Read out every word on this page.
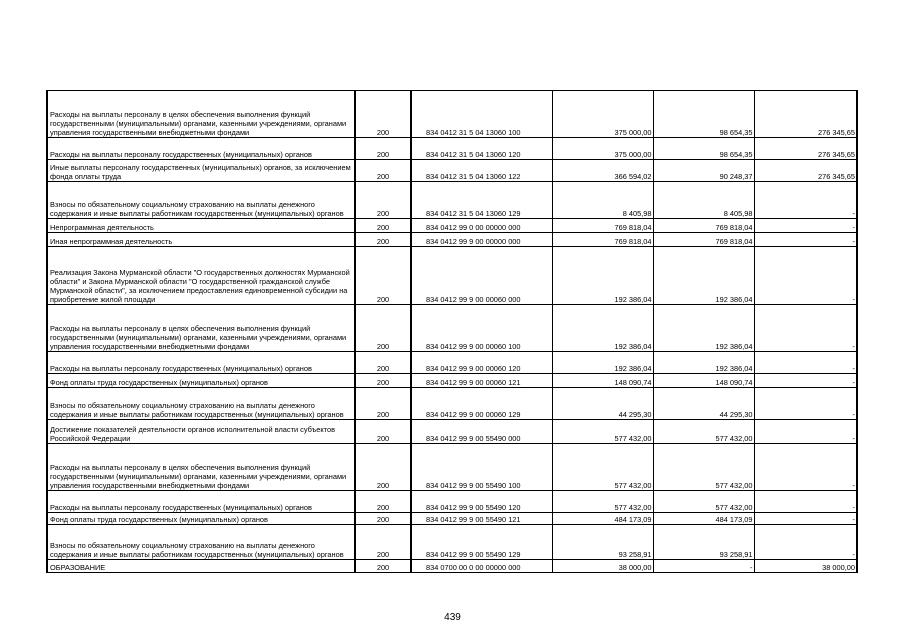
Расходы на выплаты персоналу в целях обеспечения выполнения функций государственными (муниципальными) органами, казенными учреждениями, органами управления государственными внебюджетными фондами	200	834 0412 31 5 04 13060 100	375 000,00	98 654,35	276 345,65
Расходы на выплаты персоналу государственных (муниципальных) органов	200	834 0412 31 5 04 13060 120	375 000,00	98 654,35	276 345,65
Иные выплаты персоналу государственных (муниципальных) органов, за исключением фонда оплаты труда	200	834 0412 31 5 04 13060 122	366 594,02	90 248,37	276 345,65
Взносы по обязательному социальному страхованию на выплаты денежного содержания и иные выплаты работникам государственных (муниципальных) органов	200	834 0412 31 5 04 13060 129	8 405,98	8 405,98	-
Непрограммная деятельность	200	834 0412 99 0 00 00000 000	769 818,04	769 818,04	-
Иная непрограммная деятельность	200	834 0412 99 9 00 00000 000	769 818,04	769 818,04	-
Реализация Закона Мурманской области "О государственных должностях Мурманской области" и Закона Мурманской области "О государственной гражданской службе Мурманской области", за исключением предоставления единовременной субсидии на приобретение жилой площади	200	834 0412 99 9 00 00060 000	192 386,04	192 386,04	-
Расходы на выплаты персоналу в целях обеспечения выполнения функций государственными (муниципальными) органами, казенными учреждениями, органами управления государственными внебюджетными фондами	200	834 0412 99 9 00 00060 100	192 386,04	192 386,04	-
Расходы на выплаты персоналу государственных (муниципальных) органов	200	834 0412 99 9 00 00060 120	192 386,04	192 386,04	-
Фонд оплаты труда государственных (муниципальных) органов	200	834 0412 99 9 00 00060 121	148 090,74	148 090,74	-
Взносы по обязательному социальному страхованию на выплаты денежного содержания и иные выплаты работникам государственных (муниципальных) органов	200	834 0412 99 9 00 00060 129	44 295,30	44 295,30	-
Достижение показателей деятельности органов исполнительной власти субъектов Российской Федерации	200	834 0412 99 9 00 55490 000	577 432,00	577 432,00	-
Расходы на выплаты персоналу в целях обеспечения выполнения функций государственными (муниципальными) органами, казенными учреждениями, органами управления государственными внебюджетными фондами	200	834 0412 99 9 00 55490 100	577 432,00	577 432,00	-
Расходы на выплаты персоналу государственных (муниципальных) органов	200	834 0412 99 9 00 55490 120	577 432,00	577 432,00	-
Фонд оплаты труда государственных (муниципальных) органов	200	834 0412 99 9 00 55490 121	484 173,09	484 173,09	-
Взносы по обязательному социальному страхованию на выплаты денежного содержания и иные выплаты работникам государственных (муниципальных) органов	200	834 0412 99 9 00 55490 129	93 258,91	93 258,91	-
ОБРАЗОВАНИЕ	200	834 0700 00 0 00 00000 000	38 000,00	-	38 000,00
439
